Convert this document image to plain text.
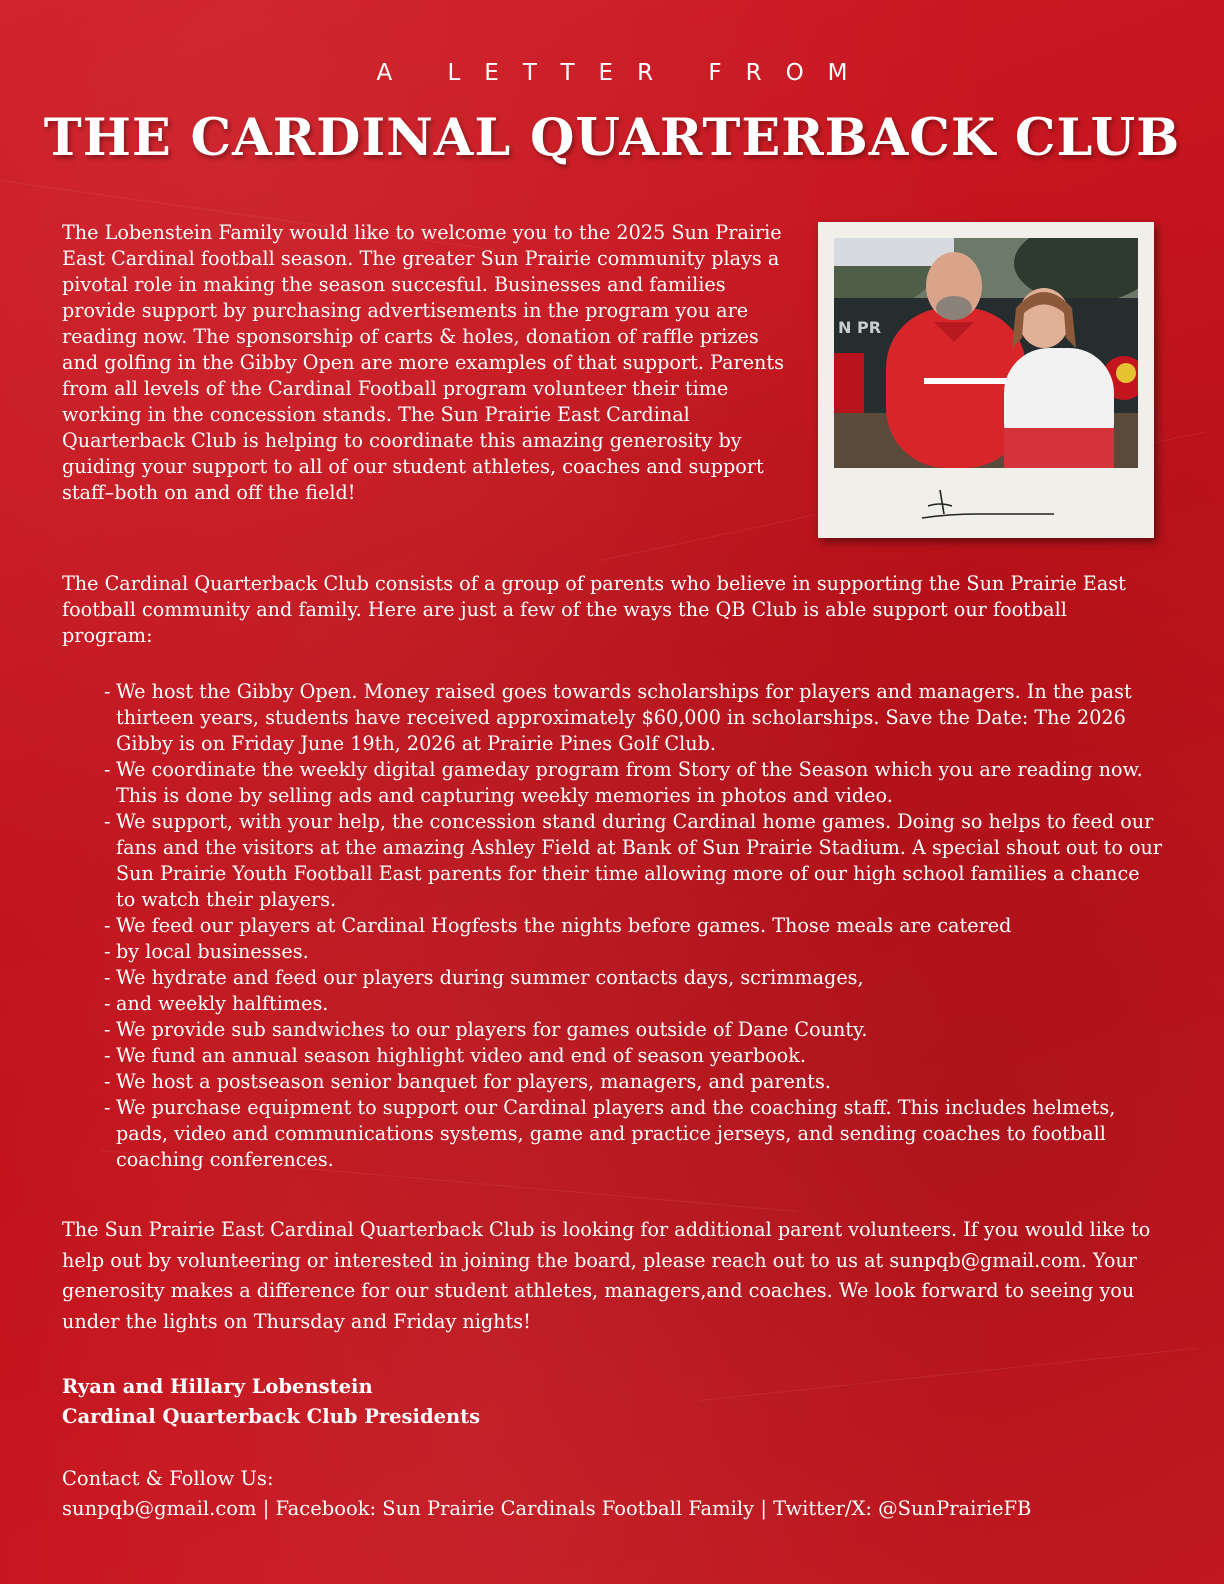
A LETTER FROM
THE CARDINAL QUARTERBACK CLUB

The Lobenstein Family would like to welcome you to the 2025 Sun Prairie East Cardinal football season. The greater Sun Prairie community plays a pivotal role in making the season succesful. Businesses and families provide support by purchasing advertisements in the program you are reading now. The sponsorship of carts & holes, donation of raffle prizes and golfing in the Gibby Open are more examples of that support. Parents from all levels of the Cardinal Football program volunteer their time working in the concession stands. The Sun Prairie East Cardinal Quarterback Club is helping to coordinate this amazing generosity by guiding your support to all of our student athletes, coaches and support staff–both on and off the field!

N PR

The Cardinal Quarterback Club consists of a group of parents who believe in supporting the Sun Prairie East football community and family. Here are just a few of the ways the QB Club is able support our football program:

- We host the Gibby Open. Money raised goes towards scholarships for players and managers. In the past thirteen years, students have received approximately $60,000 in scholarships. Save the Date: The 2026 Gibby is on Friday June 19th, 2026 at Prairie Pines Golf Club.
- We coordinate the weekly digital gameday program from Story of the Season which you are reading now. This is done by selling ads and capturing weekly memories in photos and video.
- We support, with your help, the concession stand during Cardinal home games. Doing so helps to feed our fans and the visitors at the amazing Ashley Field at Bank of Sun Prairie Stadium. A special shout out to our Sun Prairie Youth Football East parents for their time allowing more of our high school families a chance to watch their players.
- We feed our players at Cardinal Hogfests the nights before games. Those meals are catered
- by local businesses.
- We hydrate and feed our players during summer contacts days, scrimmages,
- and weekly halftimes.
- We provide sub sandwiches to our players for games outside of Dane County.
- We fund an annual season highlight video and end of season yearbook.
- We host a postseason senior banquet for players, managers, and parents.
- We purchase equipment to support our Cardinal players and the coaching staff. This includes helmets, pads, video and communications systems, game and practice jerseys, and sending coaches to football coaching conferences.

The Sun Prairie East Cardinal Quarterback Club is looking for additional parent volunteers. If you would like to help out by volunteering or interested in joining the board, please reach out to us at sunpqb@gmail.com. Your generosity makes a difference for our student athletes, managers,and coaches. We look forward to seeing you under the lights on Thursday and Friday nights!

Ryan and Hillary Lobenstein
Cardinal Quarterback Club Presidents
Contact & Follow Us:
sunpqb@gmail.com | Facebook: Sun Prairie Cardinals Football Family | Twitter/X: @SunPrairieFB
